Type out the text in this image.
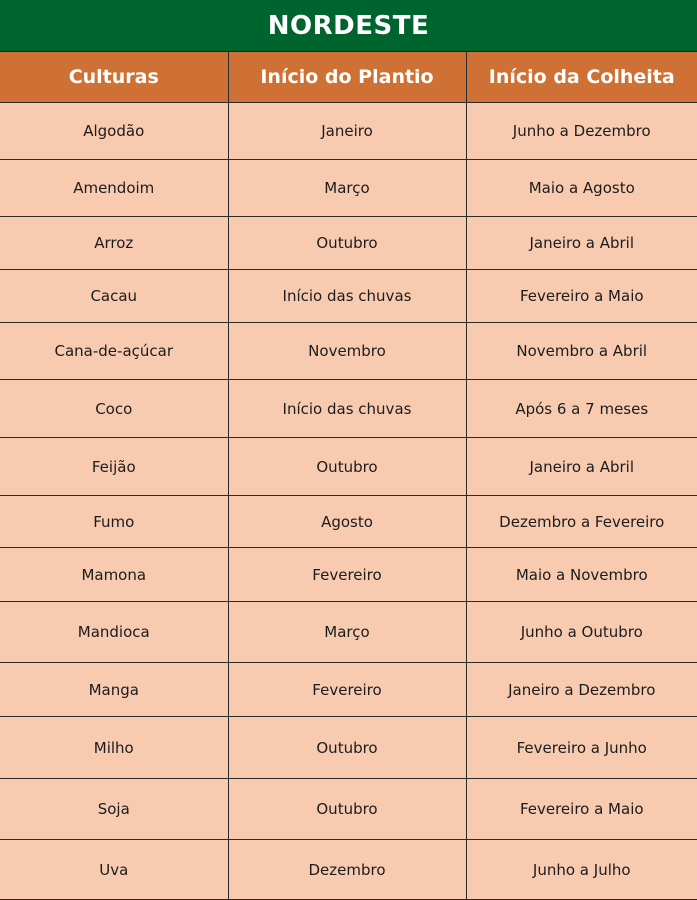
NORDESTE
Culturas	Início do Plantio	Início da Colheita
Algodão	Janeiro	Junho a Dezembro
Amendoim	Março	Maio a Agosto
Arroz	Outubro	Janeiro a Abril
Cacau	Início das chuvas	Fevereiro a Maio
Cana-de-açúcar	Novembro	Novembro a Abril
Coco	Início das chuvas	Após 6 a 7 meses
Feijão	Outubro	Janeiro a Abril
Fumo	Agosto	Dezembro a Fevereiro
Mamona	Fevereiro	Maio a Novembro
Mandioca	Março	Junho a Outubro
Manga	Fevereiro	Janeiro a Dezembro
Milho	Outubro	Fevereiro a Junho
Soja	Outubro	Fevereiro a Maio
Uva	Dezembro	Junho a Julho
